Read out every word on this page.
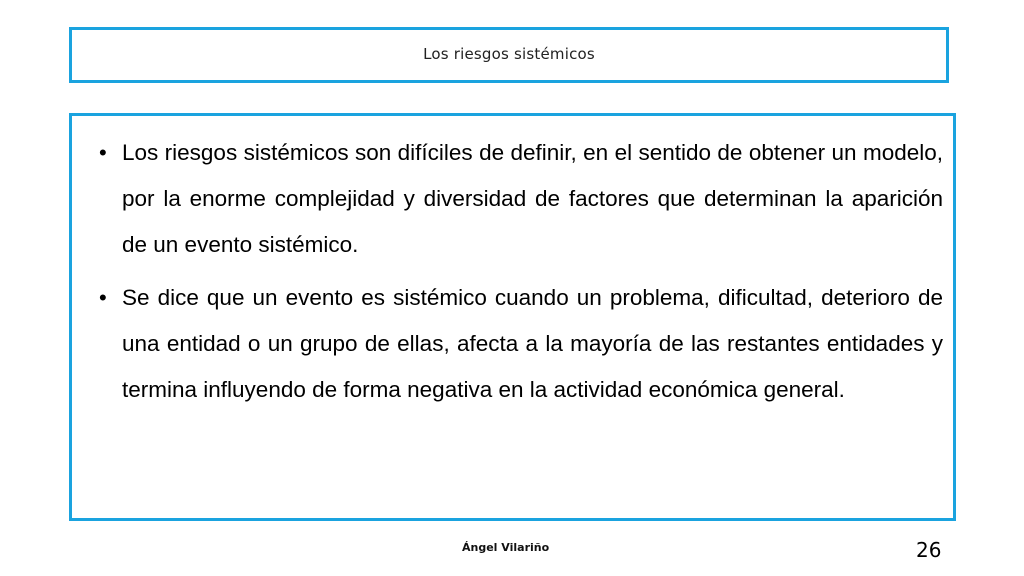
Los riesgos sistémicos
• Los riesgos sistémicos son difíciles de definir, en el sentido de obtener un modelo, por la enorme complejidad y diversidad de factores que determinan la aparición de un evento sistémico.
• Se dice que un evento es sistémico cuando un problema, dificultad, deterioro de una entidad o un grupo de ellas, afecta a la mayoría de las restantes entidades y termina influyendo de forma negativa en la actividad económica general.
Ángel Vilariño	26
